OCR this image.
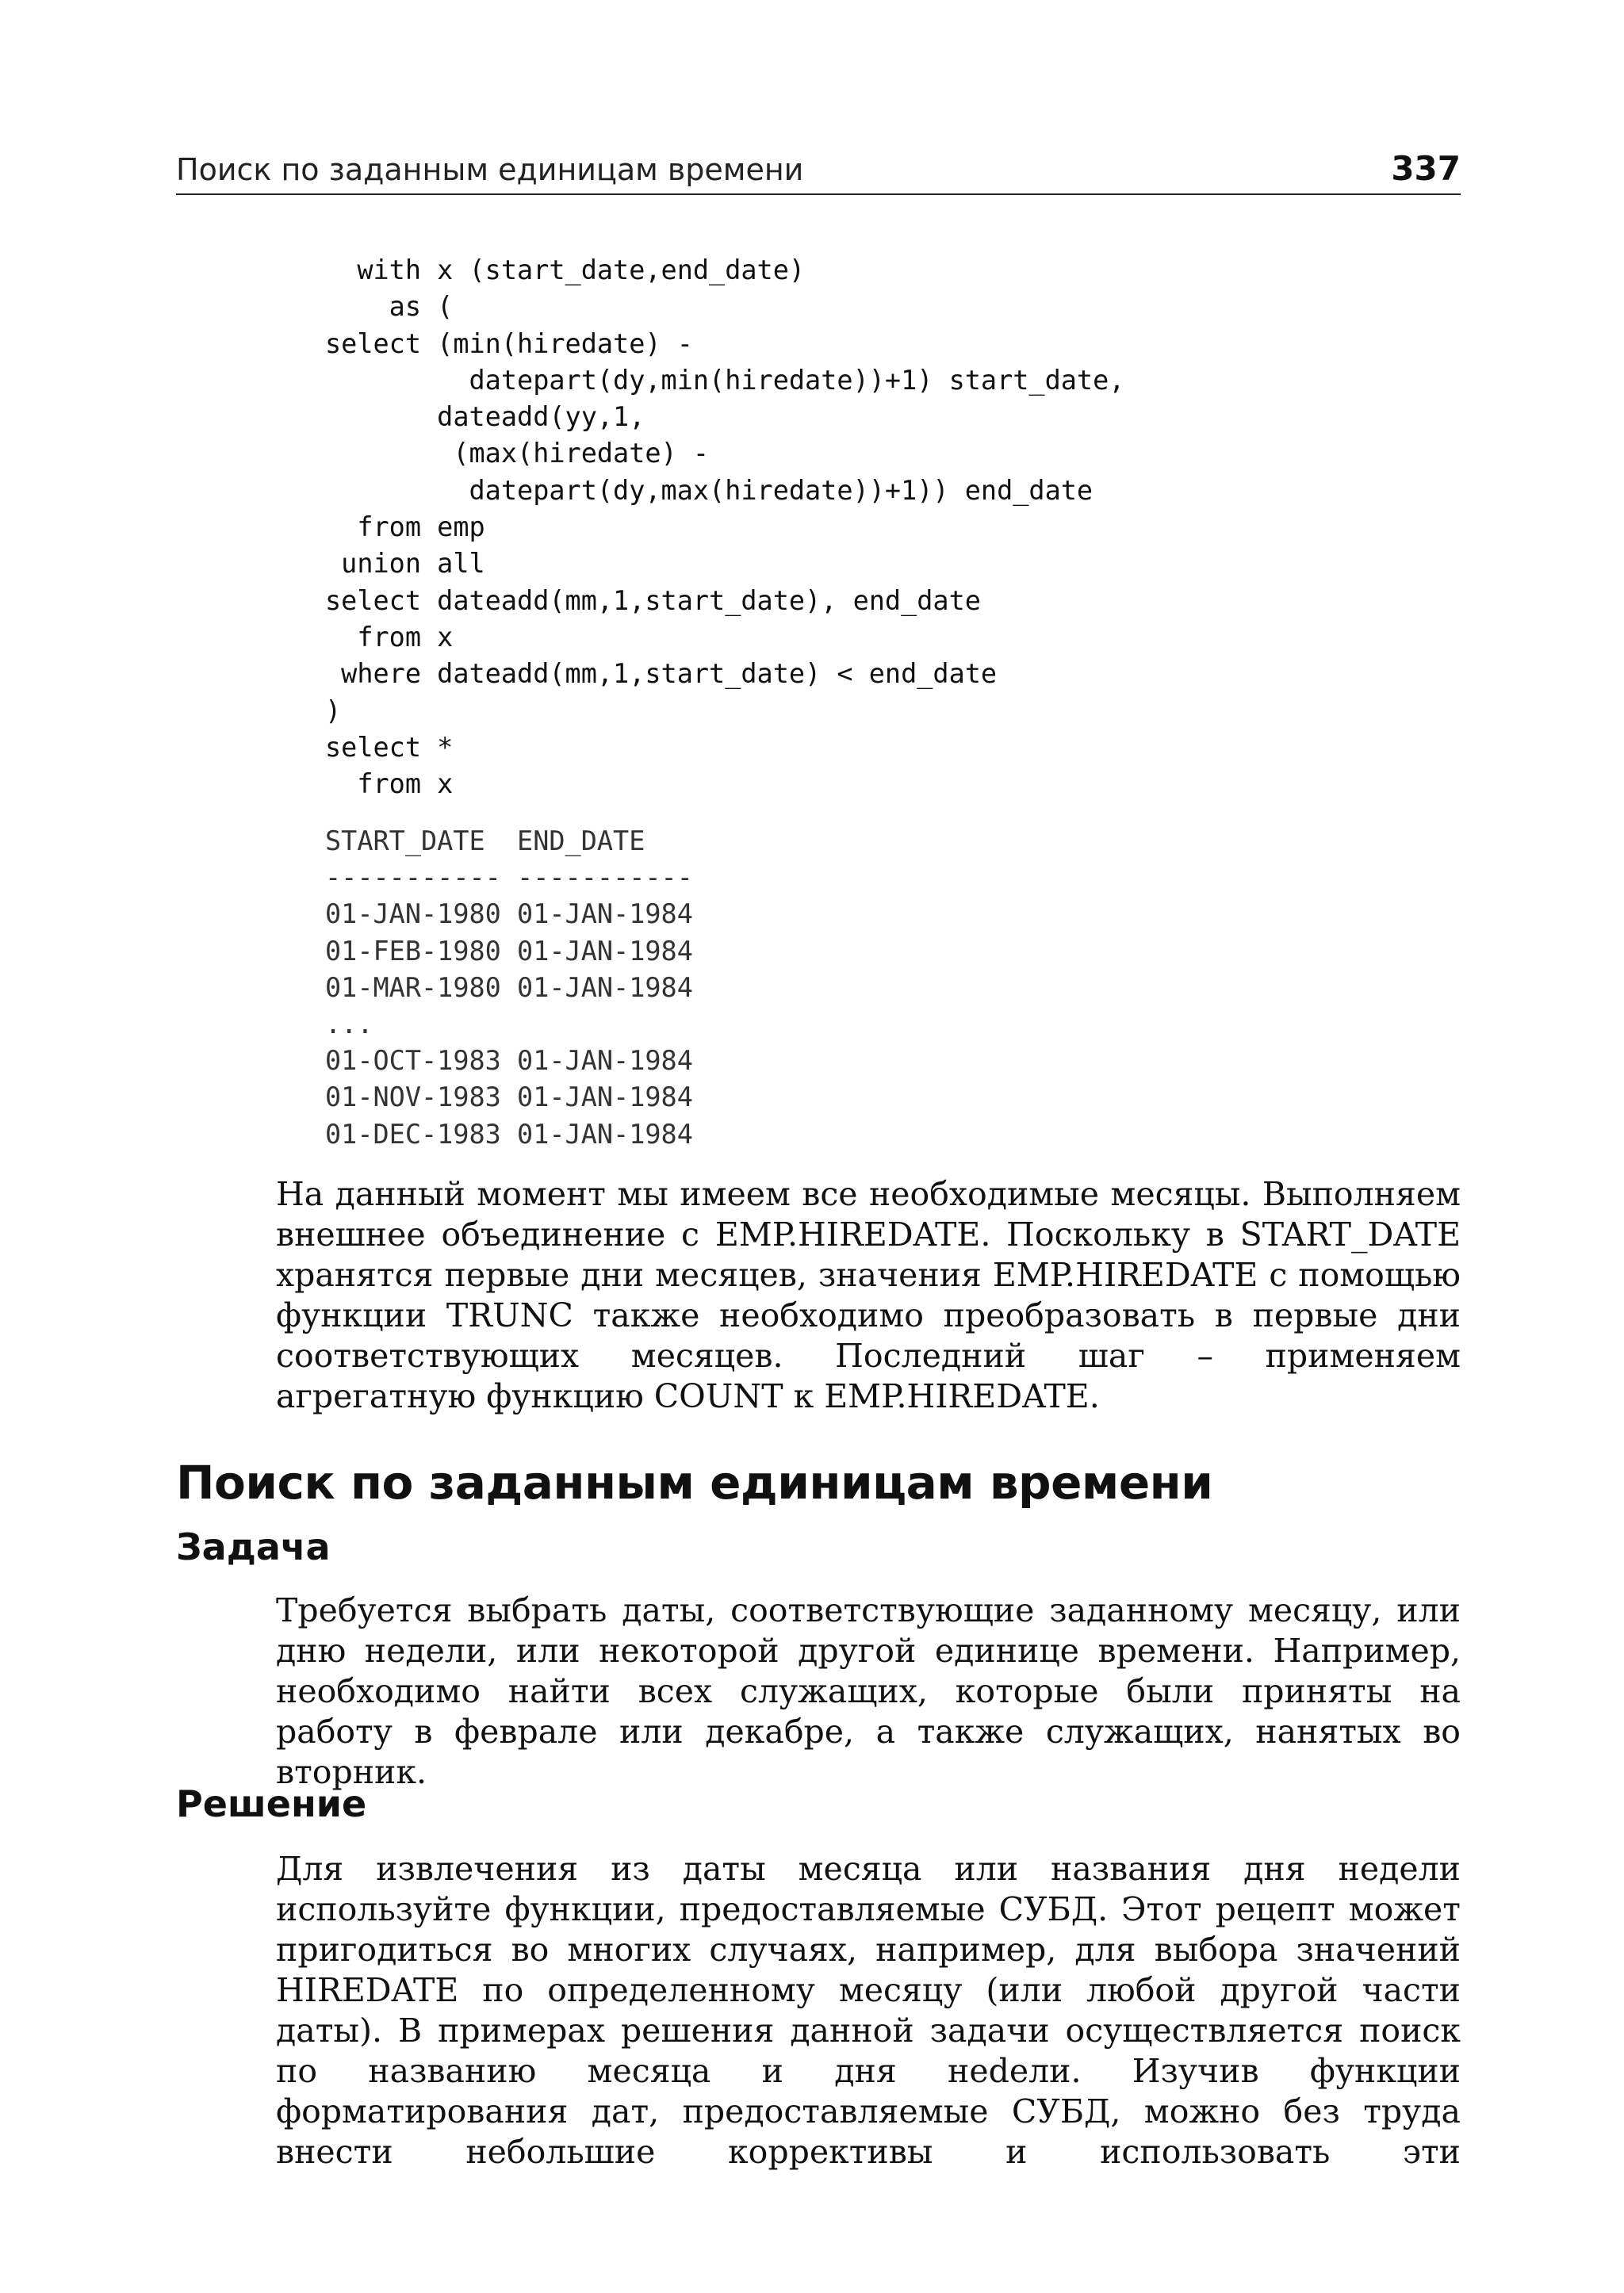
Поиск по заданным единицам времени	337
with x (start_date,end_date)
as (
select (min(hiredate) -
datepart(dy,min(hiredate))+1) start_date,
dateadd(yy,1,
(max(hiredate) -
datepart(dy,max(hiredate))+1)) end_date
from emp
union all
select dateadd(mm,1,start_date), end_date
from x
where dateadd(mm,1,start_date) < end_date
)
select *
from x
START_DATE  END_DATE
----------- -----------
01-JAN-1980 01-JAN-1984
01-FEB-1980 01-JAN-1984
01-MAR-1980 01-JAN-1984
...
01-OCT-1983 01-JAN-1984
01-NOV-1983 01-JAN-1984
01-DEC-1983 01-JAN-1984

На данный момент мы имеем все необходимые месяцы. Выполняем внешнее объединение с EMP.HIREDATE. Поскольку в START_DATE хранятся первые дни месяцев, значения EMP.HIREDATE с помощью функции TRUNC также необходимо преобразовать в первые дни соответствующих месяцев. Последний шаг – применяем агрегатную функцию COUNT к EMP.HIREDATE.

Поиск по заданным единицам времени
Задача

Требуется выбрать даты, соответствующие заданному месяцу, или дню недели, или некоторой другой единице времени. Например, необходимо найти всех служащих, которые были приняты на работу в феврале или декабре, а также служащих, нанятых во вторник.

Решение

Для извлечения из даты месяца или названия дня недели используйте функции, предоставляемые СУБД. Этот рецепт может пригодиться во многих случаях, например, для выбора значений HIREDATE по определенному месяцу (или любой другой части даты). В примерах решения данной задачи осуществляется поиск по названию месяца и дня неdели. Изучив функции форматирования дат, предоставляемые СУБД, можно без труда внести небольшие коррективы и использовать эти
